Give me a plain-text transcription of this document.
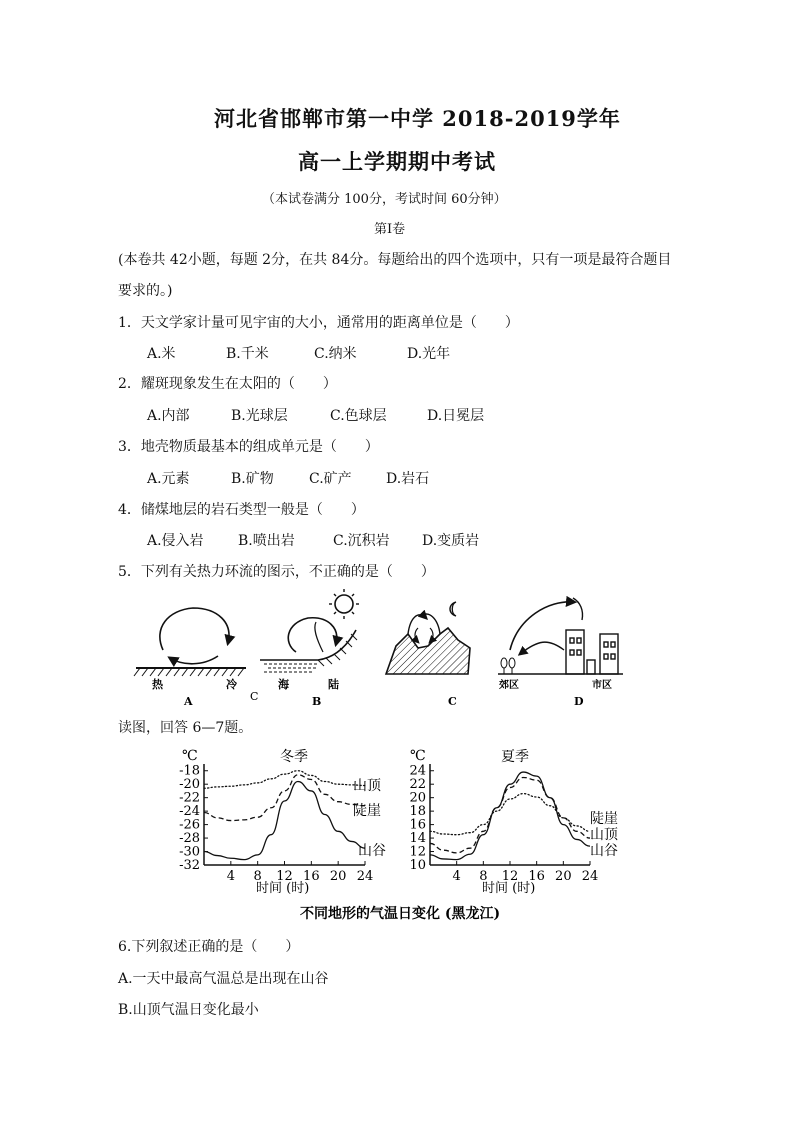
河北省邯郸市第一中学 2018-2019学年
高一上学期期中考试
（本试卷满分 100分，考试时间 60分钟）
第Ⅰ卷
(本卷共 42小题，每题 2分，在共 84分。每题给出的四个选项中，只有一项是最符合题目
要求的。)
1．天文学家计量可见宇宙的大小，通常用的距离单位是（　　）
A.米	B.千米	C.纳米	D.光年
2．耀斑现象发生在太阳的（　　）
A.内部	B.光球层	C.色球层	D.日冕层
3．地壳物质最基本的组成单元是（　　）
A.元素	B.矿物	C.矿产 D.岩石
4．储煤地层的岩石类型一般是（　　）
A.侵入岩 B.喷出岩	C.沉积岩 D.变质岩
5．下列有关热力环流的图示，不正确的是（　　）
热	冷
A	C
海	陆
B	C
郊区	市区
D
读图，回答 6—7题。
℃	冬季
-18
-20
-22
-24
-26
-28
-30
-32
4 8 12 16 20 24
山顶
陡崖
山谷
时间 (时)
℃	夏季
24
22
20
18
16
14
12
10
4 8 12 16 20 24
陡崖
山顶
山谷
时间 (时)
不同地形的气温日变化 (黑龙江)
6.下列叙述正确的是（　　）
A.一天中最高气温总是出现在山谷
B.山顶气温日变化最小
